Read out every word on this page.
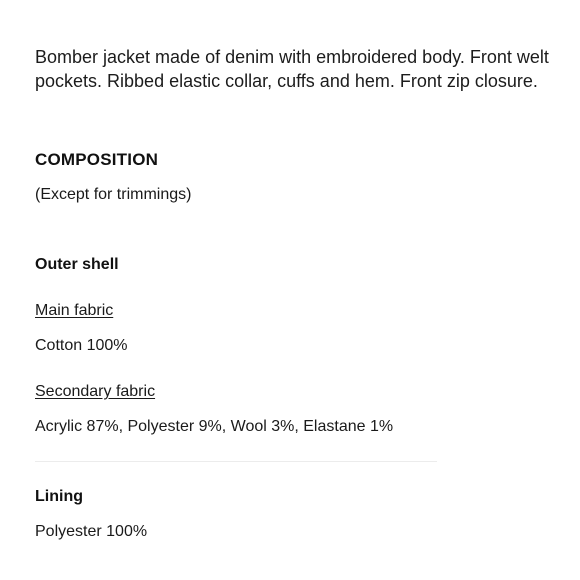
Bomber jacket made of denim with embroidered body. Front welt pockets. Ribbed elastic collar, cuffs and hem. Front zip closure.
COMPOSITION
(Except for trimmings)
Outer shell
Main fabric
Cotton 100%
Secondary fabric
Acrylic 87%, Polyester 9%, Wool 3%, Elastane 1%
Lining
Polyester 100%
